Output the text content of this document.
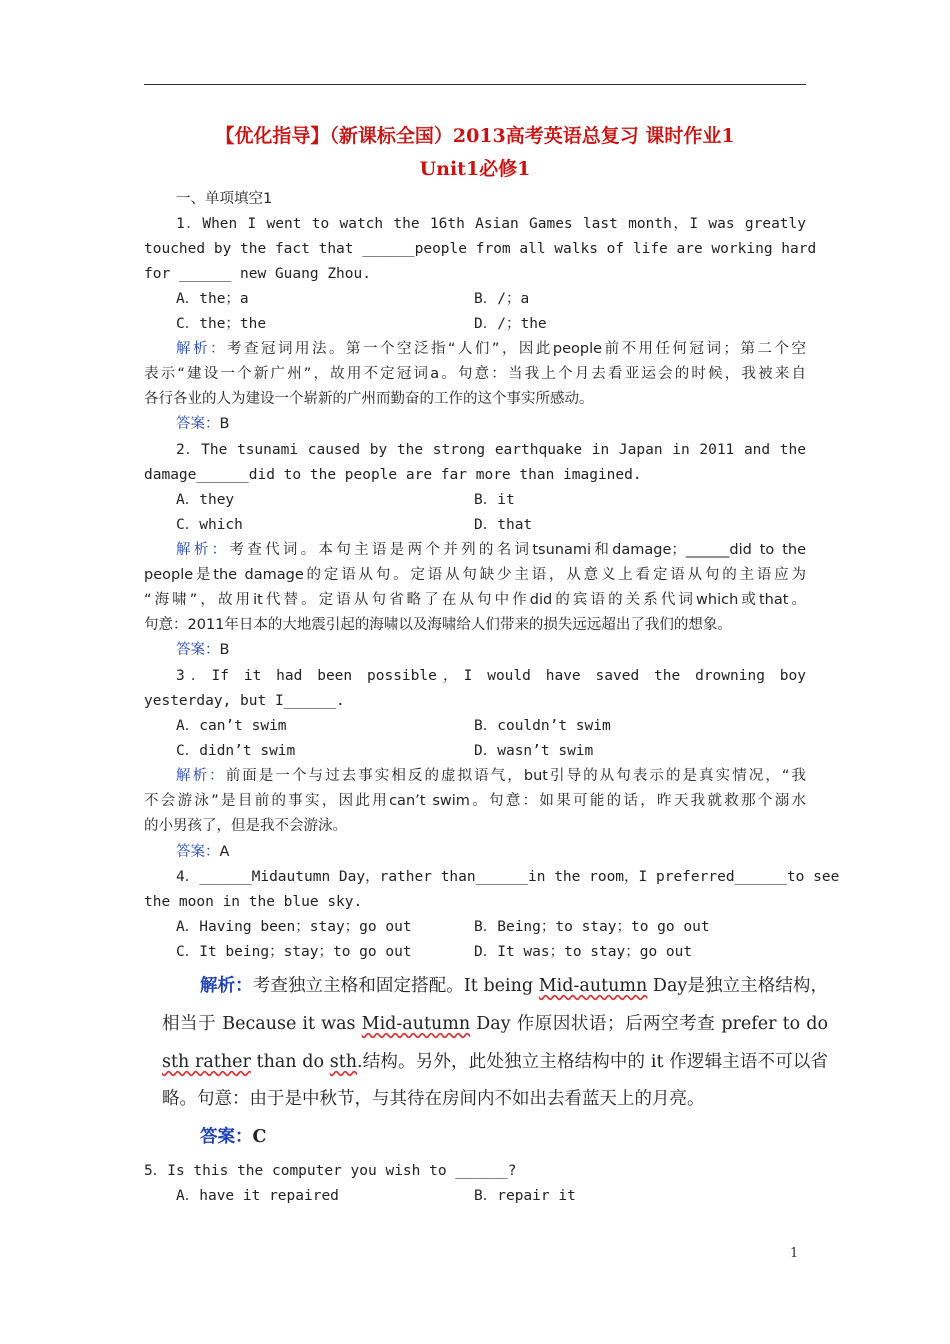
【优化指导】（新课标全国）2013高考英语总复习 课时作业1
Unit1必修1
一、单项填空1
1．When I went to watch the 16th Asian Games last month，I was greatly
touched by the fact that ______people from all walks of life are working hard
for ______ new Guang Zhou.
A．the；a	B．/；a
C．the；the	D．/；the
解析：考查冠词用法。第一个空泛指“人们”，因此people前不用任何冠词；第二个空
表示“建设一个新广州”，故用不定冠词a。句意：当我上个月去看亚运会的时候，我被来自
各行各业的人为建设一个崭新的广州而勤奋的工作的这个事实所感动。
答案：B
2．The tsunami caused by the strong earthquake in Japan in 2011 and the
damage______did to the people are far more than imagined.
A．they	B．it
C．which	D．that
解析：考查代词。本句主语是两个并列的名词tsunami和damage；______did to the
people是the damage的定语从句。定语从句缺少主语，从意义上看定语从句的主语应为
“海啸”，故用it代替。定语从句省略了在从句中作did的宾语的关系代词which或that。
句意：2011年日本的大地震引起的海啸以及海啸给人们带来的损失远远超出了我们的想象。
答案：B
3．If it had been possible，I would have saved the drowning boy
yesterday, but I______.
A．can’t swim	B．couldn’t swim
C．didn’t swim	D．wasn’t swim
解析：前面是一个与过去事实相反的虚拟语气，but引导的从句表示的是真实情况，“我
不会游泳”是目前的事实，因此用can’t swim。句意：如果可能的话，昨天我就救那个溺水
的小男孩了，但是我不会游泳。
答案：A
4．______Midautumn Day，rather than______in the room，I preferred______to see
the moon in the blue sky.
A．Having been；stay；go out	B．Being；to stay；to go out
C．It being；stay；to go out	D．It was；to stay；go out
解析：考查独立主格和固定搭配。It being Mid-autumn Day是独立主格结构，
相当于 Because it was Mid-autumn Day 作原因状语；后两空考查 prefer to do
sth rather than do sth.结构。另外，此处独立主格结构中的 it 作逻辑主语不可以省
略。句意：由于是中秋节，与其待在房间内不如出去看蓝天上的月亮。
答案：C
5．Is this the computer you wish to ______?
A．have it repaired	B．repair it
1
